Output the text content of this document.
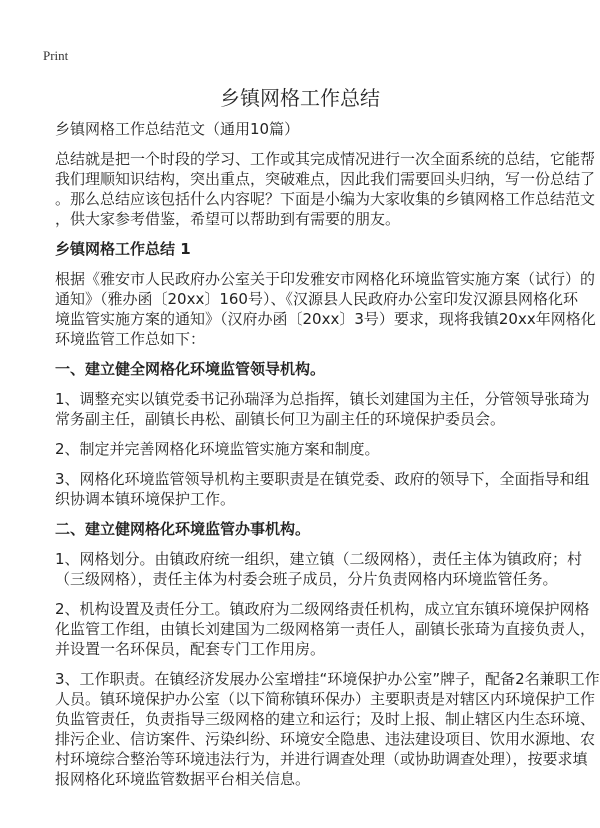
Print
乡镇网格工作总结
乡镇网格工作总结范文（通用10篇）
总结就是把一个时段的学习、工作或其完成情况进行一次全面系统的总结，它能帮
我们理顺知识结构，突出重点，突破难点，因此我们需要回头归纳，写一份总结了
。那么总结应该包括什么内容呢？下面是小编为大家收集的乡镇网格工作总结范文
，供大家参考借鉴，希望可以帮助到有需要的朋友。
乡镇网格工作总结 1
根据《雅安市人民政府办公室关于印发雅安市网格化环境监管实施方案（试行）的
通知》（雅办函〔20xx〕160号）、《汉源县人民政府办公室印发汉源县网格化环
境监管实施方案的通知》（汉府办函〔20xx〕3号）要求，现将我镇20xx年网格化
环境监管工作总如下：
一、建立健全网格化环境监管领导机构。
1、调整充实以镇党委书记孙瑞泽为总指挥，镇长刘建国为主任，分管领导张琦为
常务副主任，副镇长冉松、副镇长何卫为副主任的环境保护委员会。
2、制定并完善网格化环境监管实施方案和制度。
3、网格化环境监管领导机构主要职责是在镇党委、政府的领导下，全面指导和组
织协调本镇环境保护工作。
二、建立健网格化环境监管办事机构。
1、网格划分。由镇政府统一组织，建立镇（二级网格），责任主体为镇政府；村
（三级网格），责任主体为村委会班子成员，分片负责网格内环境监管任务。
2、机构设置及责任分工。镇政府为二级网络责任机构，成立宜东镇环境保护网格
化监管工作组，由镇长刘建国为二级网格第一责任人，副镇长张琦为直接负责人，
并设置一名环保员，配套专门工作用房。
3、工作职责。在镇经济发展办公室增挂“环境保护办公室”牌子，配备2名兼职工作
人员。镇环境保护办公室（以下简称镇环保办）主要职责是对辖区内环境保护工作
负监管责任，负责指导三级网格的建立和运行；及时上报、制止辖区内生态环境、
排污企业、信访案件、污染纠纷、环境安全隐患、违法建设项目、饮用水源地、农
村环境综合整治等环境违法行为，并进行调查处理（或协助调查处理），按要求填
报网格化环境监管数据平台相关信息。
